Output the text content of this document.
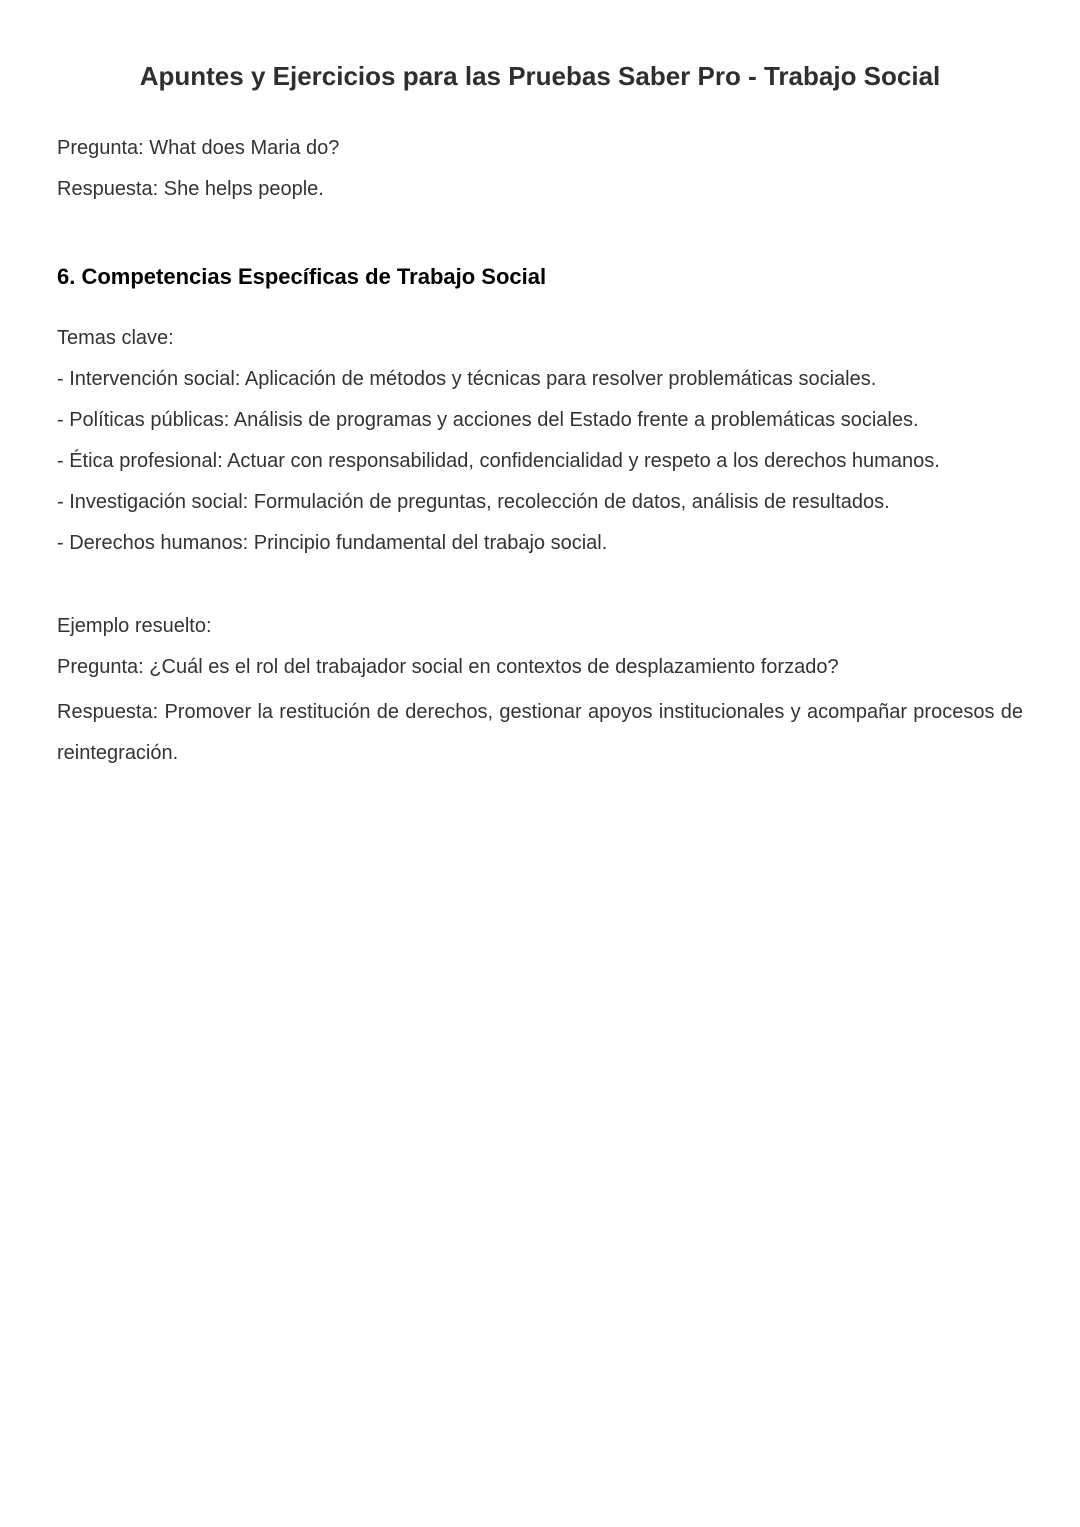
Apuntes y Ejercicios para las Pruebas Saber Pro - Trabajo Social

Pregunta: What does Maria do?

Respuesta: She helps people.

6. Competencias Específicas de Trabajo Social

Temas clave:

- Intervención social: Aplicación de métodos y técnicas para resolver problemáticas sociales.

- Políticas públicas: Análisis de programas y acciones del Estado frente a problemáticas sociales.

- Ética profesional: Actuar con responsabilidad, confidencialidad y respeto a los derechos humanos.

- Investigación social: Formulación de preguntas, recolección de datos, análisis de resultados.

- Derechos humanos: Principio fundamental del trabajo social.

Ejemplo resuelto:

Pregunta: ¿Cuál es el rol del trabajador social en contextos de desplazamiento forzado?

Respuesta: Promover la restitución de derechos, gestionar apoyos institucionales y acompañar procesos de reintegración.
